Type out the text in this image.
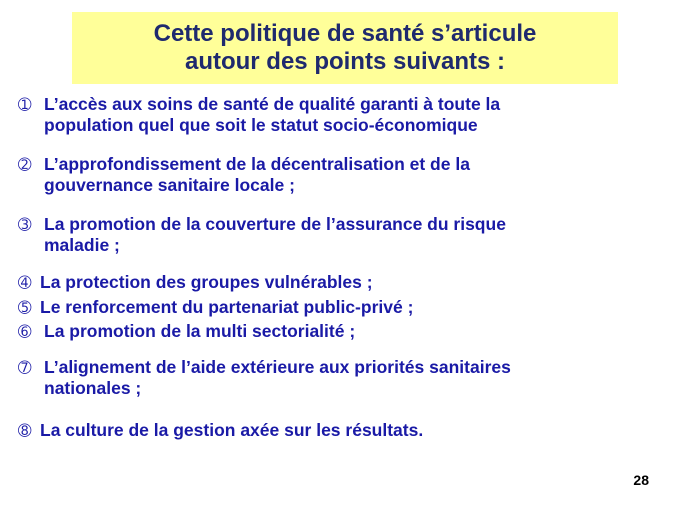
Cette politique de santé s’articule
autour des points suivants :
➀ L’accès aux soins de santé de qualité garanti à toute la
population quel que soit le statut socio-économique
➁ L’approfondissement de la décentralisation et de la
gouvernance sanitaire locale ;
➂ La promotion de la couverture de l’assurance du risque
maladie ;
➃ La protection des groupes vulnérables ;
➄ Le renforcement du partenariat public-privé ;
➅ La promotion de la multi sectorialité ;
➆ L’alignement de l’aide extérieure aux priorités sanitaires
nationales ;
➇ La culture de la gestion axée sur les résultats.
28
